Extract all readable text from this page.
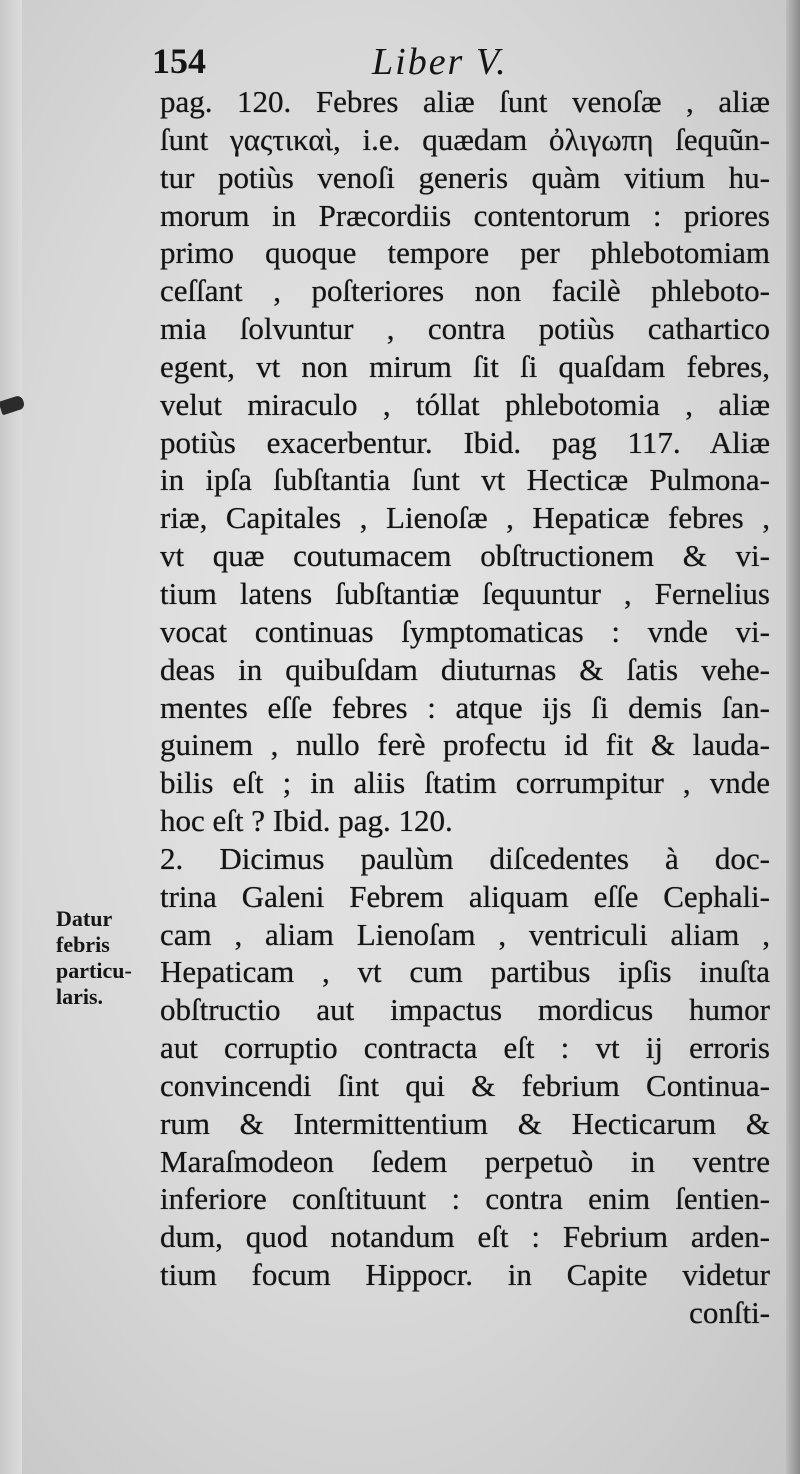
154	Liber V.
Datur
febris
particu-
laris.
pag. 120. Febres aliæ ſunt venoſæ , aliæ
ſunt γαςτικαὶ, i.e. quædam ὀλιγωπη ſequũn-
tur potiùs venoſi generis quàm vitium hu-
morum in Præcordiis contentorum : priores
primo quoque tempore per phlebotomiam
ceſſant , poſteriores non facilè phleboto-
mia ſolvuntur , contra potiùs cathartico
egent, vt non mirum ſit ſi quaſdam febres,
velut miraculo , tóllat phlebotomia , aliæ
potiùs exacerbentur. Ibid. pag 117. Aliæ
in ipſa ſubſtantia ſunt vt Hecticæ Pulmona-
riæ, Capitales , Lienoſæ , Hepaticæ febres ,
vt quæ coutumacem obſtructionem & vi-
tium latens ſubſtantiæ ſequuntur , Fernelius
vocat continuas ſymptomaticas : vnde vi-
deas in quibuſdam diuturnas & ſatis vehe-
mentes eſſe febres : atque ijs ſi demis ſan-
guinem , nullo ferè profectu id fit & lauda-
bilis eſt ; in aliis ſtatim corrumpitur , vnde
hoc eſt ? Ibid. pag. 120.
2. Dicimus paulùm diſcedentes à doc-
trina Galeni Febrem aliquam eſſe Cephali-
cam , aliam Lienoſam , ventriculi aliam ,
Hepaticam , vt cum partibus ipſis inuſta
obſtructio aut impactus mordicus humor
aut corruptio contracta eſt : vt ij erroris
convincendi ſint qui & febrium Continua-
rum & Intermittentium & Hecticarum &
Maraſmodeon ſedem perpetuò in ventre
inferiore conſtituunt : contra enim ſentien-
dum, quod notandum eſt : Febrium arden-
tium focum Hippocr. in Capite videtur
conſti-
